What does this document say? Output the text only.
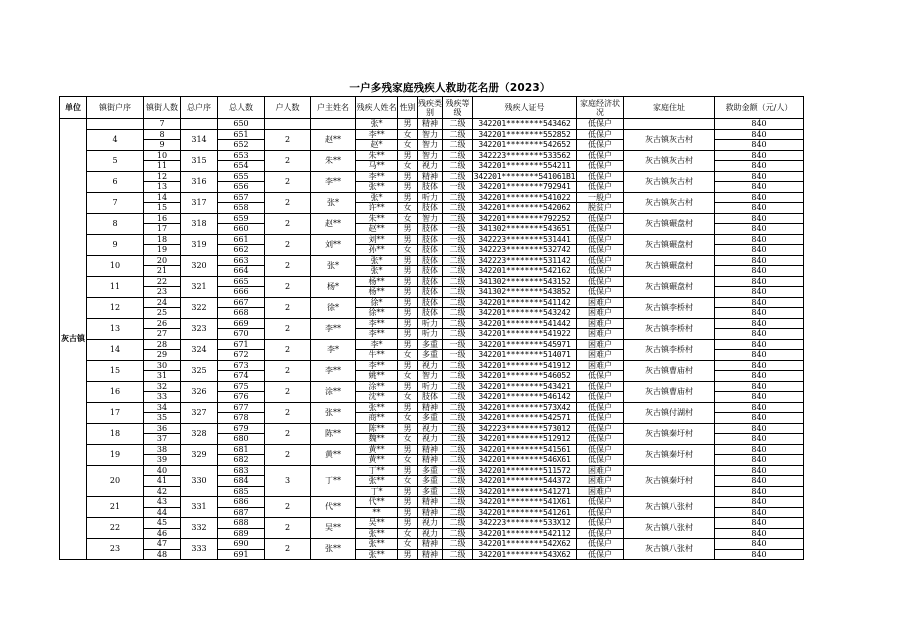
一户多残家庭残疾人救助花名册（2023）
单位	镇街户序	镇街人数	总户序	总人数	户人数	户主姓名	残疾人姓名	性别	残疾类别	残疾等级	残疾人证号	家庭经济状况	家庭住址	救助金额（元/人）
灰古镇		7		650			张*	男	精神	二级	342201********543462	低保户		840
	4	8	314	651	2	赵**	李**	女	智力	二级	342201********552852	低保户	灰古镇灰古村	840
		9		652			赵*	女	智力	二级	342201********542652	低保户		840
	5	10	315	653	2	朱**	朱**	男	智力	二级	342223********533562	低保户	灰古镇灰古村	840
		11		654			马**	女	视力	二级	342201********554211	低保户		840
	6	12	316	655	2	李**	李**	男	精神	二级	342201********541061B1	低保户	灰古镇灰古村	840
		13		656			张**	男	肢体	一级	342201********792941	低保户		840
	7	14	317	657	2	张*	张*	男	听力	二级	342201********541022	一般户	灰古镇灰古村	840
		15		658			许**	女	肢体	二级	342201********542062	脱贫户		840
	8	16	318	659	2	赵**	朱**	女	智力	二级	342201********792252	低保户	灰古镇碾盘村	840
		17		660			赵**	男	肢体	一级	341302********543651	低保户		840
	9	18	319	661	2	刘**	刘**	男	肢体	一级	342223********531441	低保户	灰古镇碾盘村	840
		19		662			孙**	女	肢体	二级	342223********532742	低保户		840
	10	20	320	663	2	张*	张*	男	肢体	二级	342223********531142	低保户	灰古镇碾盘村	840
		21		664			张*	男	肢体	二级	342201********542162	低保户		840
	11	22	321	665	2	杨*	杨**	男	肢体	二级	341302********543152	低保户	灰古镇碾盘村	840
		23		666			杨**	男	肢体	二级	341302********543852	低保户		840
	12	24	322	667	2	徐*	徐*	男	肢体	二级	342201********541142	困难户	灰古镇李桥村	840
		25		668			徐**	男	肢体	二级	342201********543242	困难户		840
	13	26	323	669	2	李**	李**	男	听力	二级	342201********541442	困难户	灰古镇李桥村	840
		27		670			李**	男	听力	二级	342201********541922	困难户		840
	14	28	324	671	2	李*	李*	男	多重	一级	342201********545971	困难户	灰古镇李桥村	840
		29		672			牛**	女	多重	一级	342201********514071	困难户		840
	15	30	325	673	2	李**	李**	男	视力	二级	342201********541912	困难户	灰古镇曹庙村	840
		31		674			姚**	女	智力	二级	342201********546052	低保户		840
	16	32	326	675	2	涂**	涂**	男	听力	二级	342201********543421	低保户	灰古镇曹庙村	840
		33		676			沈**	女	肢体	二级	342201********546142	低保户		840
	17	34	327	677	2	张**	张**	男	精神	二级	342201********573X42	低保户	灰古镇付湖村	840
		35		678			商**	女	多重	二级	342201********542571	低保户		840
	18	36	328	679	2	陈**	陈**	男	视力	二级	342223********573012	低保户	灰古镇秦圩村	840
		37		680			魏**	女	视力	二级	342201********512912	低保户		840
	19	38	329	681	2	黄**	黄**	男	精神	二级	342201********541561	低保户	灰古镇秦圩村	840
		39		682			黄**	女	精神	二级	342201********546X61	低保户		840
	20	40	330	683	3	丁**	丁**	男	多重	一级	342201********511572	困难户	灰古镇秦圩村	840
		41		684			张**	女	多重	二级	342201********544372	困难户		840
		42		685			丁*	男	多重	二级	342201********541271	困难户		840
	21	43	331	686	2	代**	代**	男	精神	二级	342201********541X61	低保户	灰古镇八张村	840
		44		687			**	男	精神	二级	342201********541261	低保户		840
	22	45	332	688	2	吴**	吴**	男	视力	二级	342223********533X12	低保户	灰古镇八张村	840
		46		689			张**	女	视力	二级	342201********542112	低保户		840
	23	47	333	690	2	张**	张**	女	精神	二级	342201********542X62	低保户	灰古镇八张村	840
		48		691			张**	男	精神	二级	342201********543X62	低保户		840
